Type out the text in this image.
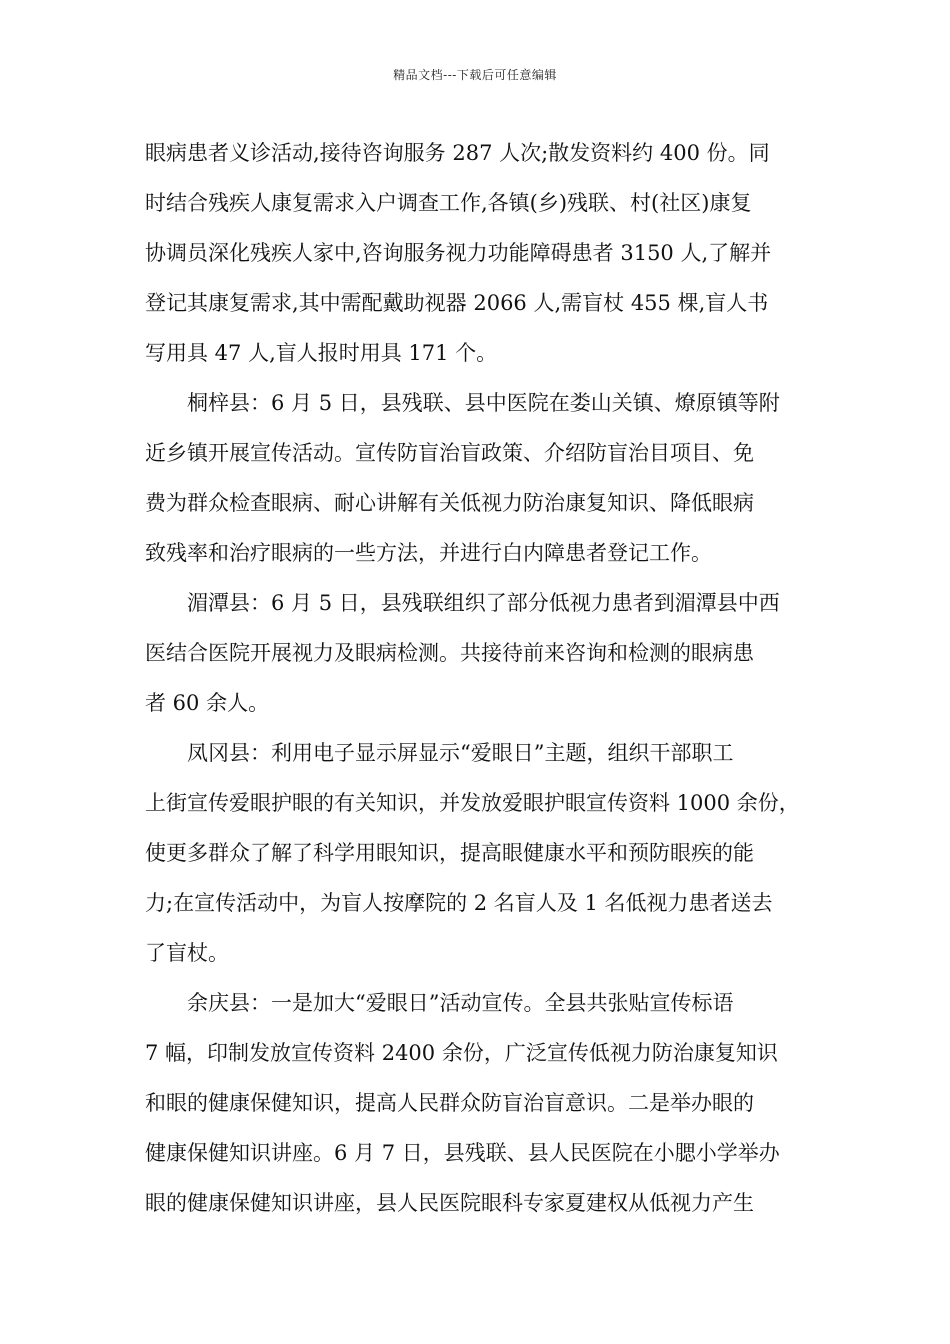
精品文档---下载后可任意编辑
眼病患者义诊活动,接待咨询服务 287 人次;散发资料约 400 份。同
时结合残疾人康复需求入户调查工作,各镇(乡)残联、村(社区)康复
协调员深化残疾人家中,咨询服务视力功能障碍患者 3150 人,了解并
登记其康复需求,其中需配戴助视器 2066 人,需盲杖 455 棵,盲人书
写用具 47 人,盲人报时用具 171 个。
桐梓县：6 月 5 日，县残联、县中医院在娄山关镇、燎原镇等附
近乡镇开展宣传活动。宣传防盲治盲政策、介绍防盲治目项目、免
费为群众检查眼病、耐心讲解有关低视力防治康复知识、降低眼病
致残率和治疗眼病的一些方法，并进行白内障患者登记工作。
湄潭县：6 月 5 日，县残联组织了部分低视力患者到湄潭县中西
医结合医院开展视力及眼病检测。共接待前来咨询和检测的眼病患
者 60 余人。
凤冈县：利用电子显示屏显示“爱眼日”主题，组织干部职工
上街宣传爱眼护眼的有关知识，并发放爱眼护眼宣传资料 1000 余份，
使更多群众了解了科学用眼知识，提高眼健康水平和预防眼疾的能
力;在宣传活动中，为盲人按摩院的 2 名盲人及 1 名低视力患者送去
了盲杖。
余庆县：一是加大“爱眼日”活动宣传。全县共张贴宣传标语
7 幅，印制发放宣传资料 2400 余份，广泛宣传低视力防治康复知识
和眼的健康保健知识，提高人民群众防盲治盲意识。二是举办眼的
健康保健知识讲座。6 月 7 日，县残联、县人民医院在小腮小学举办
眼的健康保健知识讲座，县人民医院眼科专家夏建权从低视力产生
